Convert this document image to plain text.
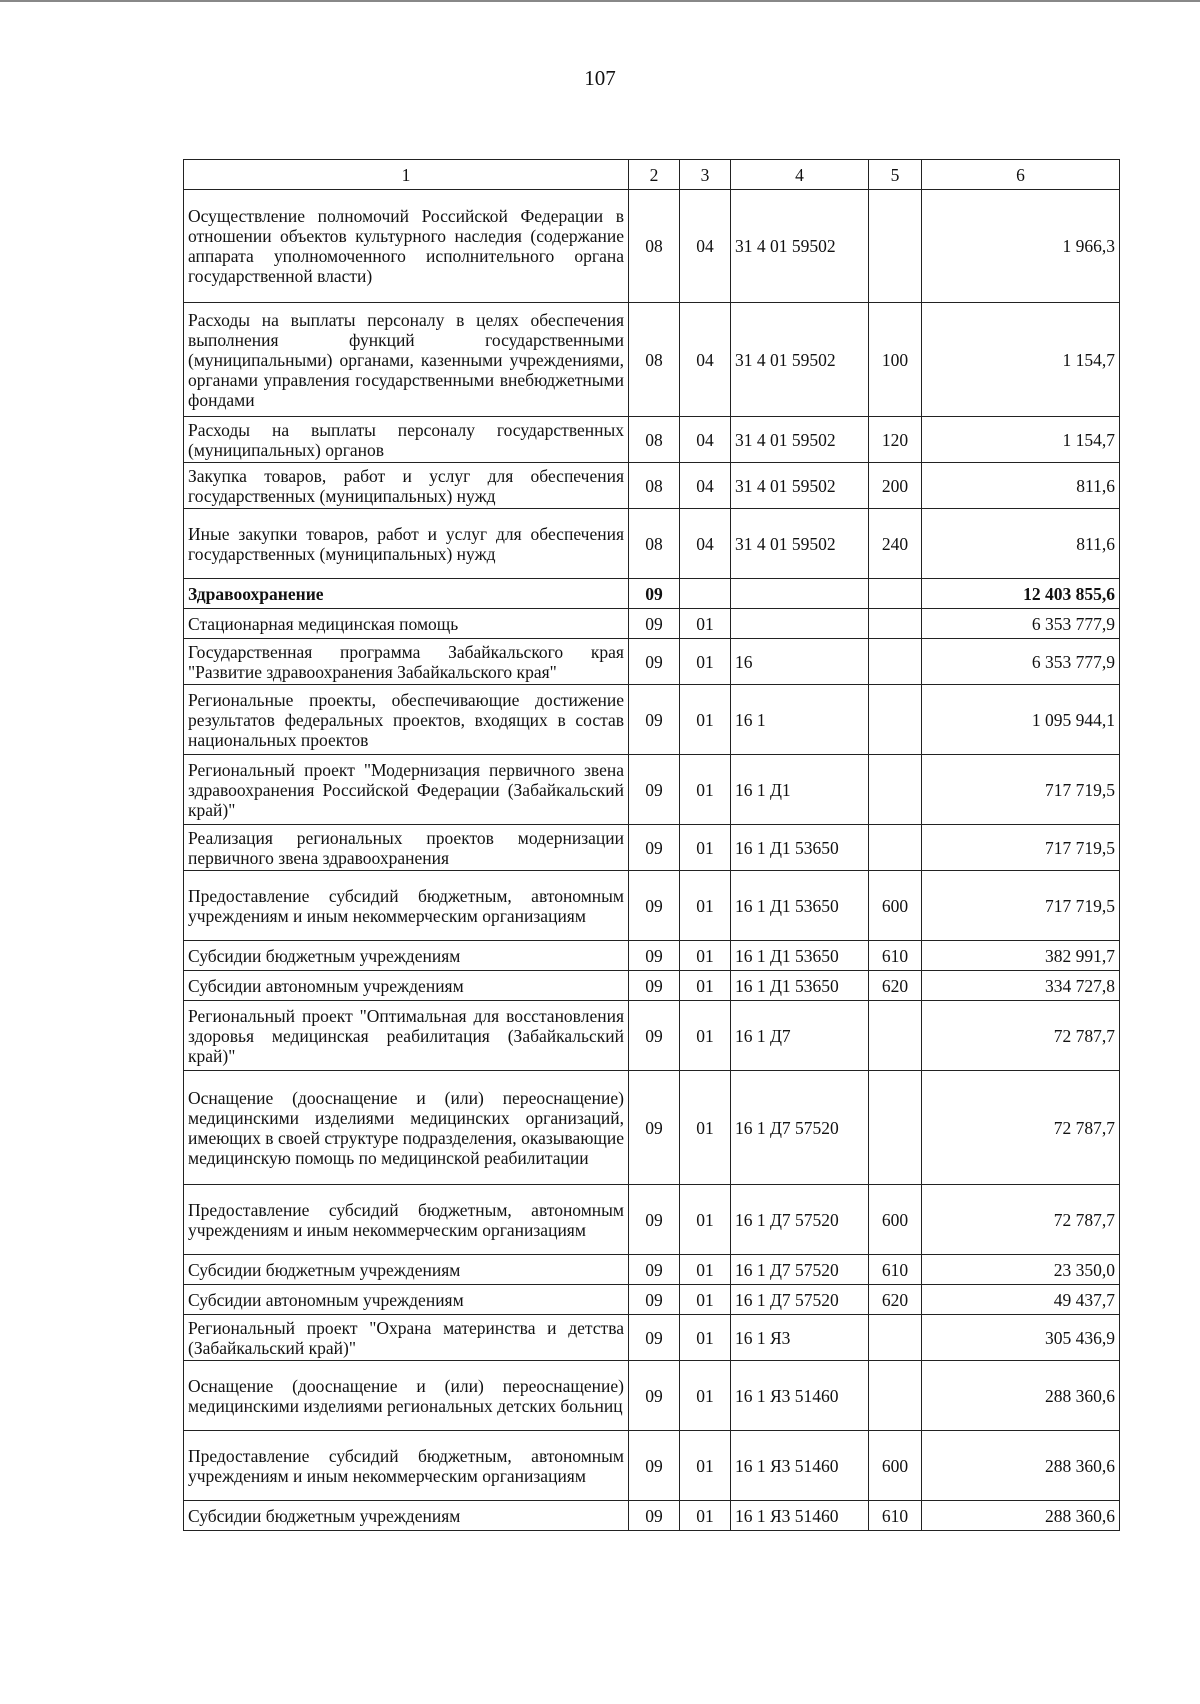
107
1	2	3	4	5	6
Осуществление полномочий Российской Федерации в отношении объектов культурного наследия (содержание аппарата уполномоченного исполнительного органа государственной власти)	08	04	31 4 01 59502		1 966,3
Расходы на выплаты персоналу в целях обеспечения выполнения функций государственными (муниципальными) органами, казенными учреждениями, органами управления государственными внебюджетными фондами	08	04	31 4 01 59502	100	1 154,7
Расходы на выплаты персоналу государственных (муниципальных) органов	08	04	31 4 01 59502	120	1 154,7
Закупка товаров, работ и услуг для обеспечения государственных (муниципальных) нужд	08	04	31 4 01 59502	200	811,6
Иные закупки товаров, работ и услуг для обеспечения государственных (муниципальных) нужд	08	04	31 4 01 59502	240	811,6
Здравоохранение	09				12 403 855,6
Стационарная медицинская помощь	09	01			6 353 777,9
Государственная программа Забайкальского края "Развитие здравоохранения Забайкальского края"	09	01	16		6 353 777,9
Региональные проекты, обеспечивающие достижение результатов федеральных проектов, входящих в состав национальных проектов	09	01	16 1		1 095 944,1
Региональный проект "Модернизация первичного звена здравоохранения Российской Федерации (Забайкальский край)"	09	01	16 1 Д1		717 719,5
Реализация региональных проектов модернизации первичного звена здравоохранения	09	01	16 1 Д1 53650		717 719,5
Предоставление субсидий бюджетным, автономным учреждениям и иным некоммерческим организациям	09	01	16 1 Д1 53650	600	717 719,5
Субсидии бюджетным учреждениям	09	01	16 1 Д1 53650	610	382 991,7
Субсидии автономным учреждениям	09	01	16 1 Д1 53650	620	334 727,8
Региональный проект "Оптимальная для восстановления здоровья медицинская реабилитация (Забайкальский край)"	09	01	16 1 Д7		72 787,7
Оснащение (дооснащение и (или) переоснащение) медицинскими изделиями медицинских организаций, имеющих в своей структуре подразделения, оказывающие медицинскую помощь по медицинской реабилитации	09	01	16 1 Д7 57520		72 787,7
Предоставление субсидий бюджетным, автономным учреждениям и иным некоммерческим организациям	09	01	16 1 Д7 57520	600	72 787,7
Субсидии бюджетным учреждениям	09	01	16 1 Д7 57520	610	23 350,0
Субсидии автономным учреждениям	09	01	16 1 Д7 57520	620	49 437,7
Региональный проект "Охрана материнства и детства (Забайкальский край)"	09	01	16 1 Я3		305 436,9
Оснащение (дооснащение и (или) переоснащение) медицинскими изделиями региональных детских больниц	09	01	16 1 Я3 51460		288 360,6
Предоставление субсидий бюджетным, автономным учреждениям и иным некоммерческим организациям	09	01	16 1 Я3 51460	600	288 360,6
Субсидии бюджетным учреждениям	09	01	16 1 Я3 51460	610	288 360,6
